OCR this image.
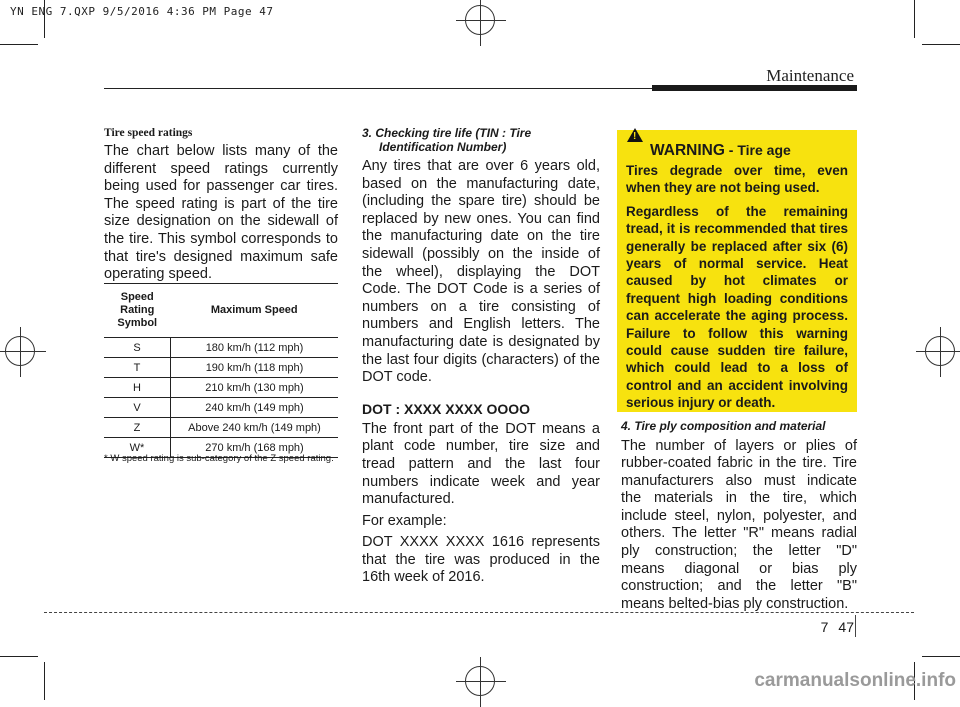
YN ENG 7.QXP 9/5/2016 4:36 PM Page 47
Maintenance

Tire speed ratings

The chart below lists many of the different speed ratings currently being used for passenger car tires. The speed rating is part of the tire size designation on the sidewall of the tire. This symbol corresponds to that tire's designed maximum safe operating speed.

Speed Rating Symbol	Maximum Speed
S	180 km/h (112 mph)
T	190 km/h (118 mph)
H	210 km/h (130 mph)
V	240 km/h (149 mph)
Z	Above 240 km/h (149 mph)
W*	270 km/h (168 mph)
* W speed rating is sub-category of the Z speed rating.

3. Checking tire life (TIN : Tire
Identification Number)

Any tires that are over 6 years old, based on the manufacturing date, (including the spare tire) should be replaced by new ones. You can find the manufacturing date on the tire sidewall (possibly on the inside of the wheel), displaying the DOT Code. The DOT Code is a series of numbers on a tire consisting of numbers and English letters. The manufacturing date is designated by the last four digits (characters) of the DOT code.

DOT : XXXX XXXX OOOO

The front part of the DOT means a plant code number, tire size and tread pattern and the last four numbers indicate week and year manufactured.

For example:

DOT XXXX XXXX 1616 represents that the tire was produced in the 16th week of 2016.

!
WARNING - Tire age

Tires degrade over time, even when they are not being used.

Regardless of the remaining tread, it is recommended that tires generally be replaced after six (6) years of normal service. Heat caused by hot climates or frequent high loading conditions can accelerate the aging process. Failure to follow this warning could cause sudden tire failure, which could lead to a loss of control and an accident involving serious injury or death.

4. Tire ply composition and material

The number of layers or plies of rubber-coated fabric in the tire. Tire manufacturers also must indicate the materials in the tire, which include steel, nylon, polyester, and others. The letter "R" means radial ply construction; the letter "D" means diagonal or bias ply construction; and the letter "B" means belted-bias ply construction.

7 47
carmanualsonline.info
